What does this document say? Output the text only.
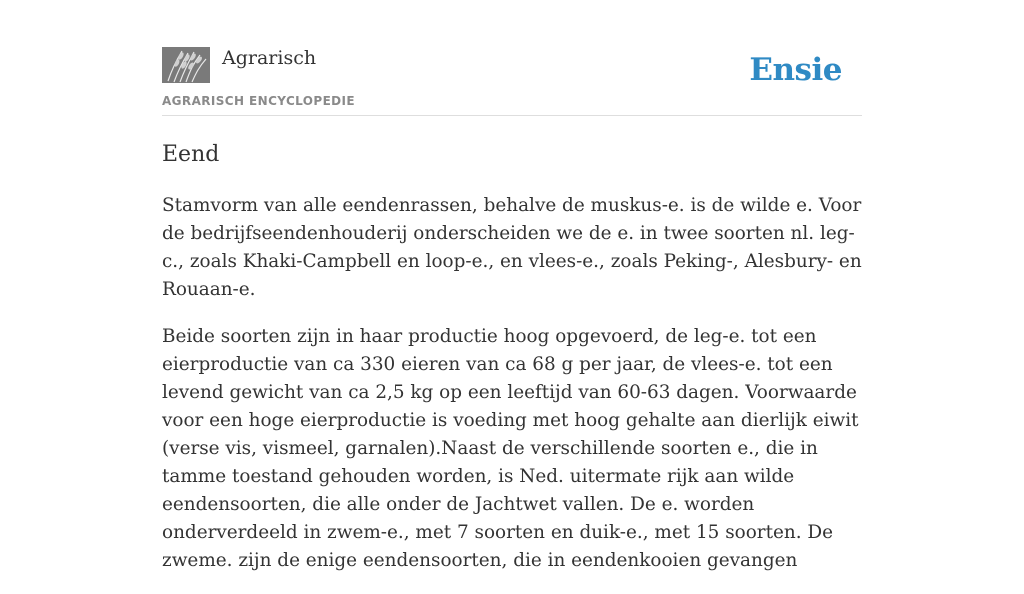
Agrarisch
AGRARISCH ENCYCLOPEDIE
Ensie
Eend

Stamvorm van alle eendenrassen, behalve de muskus-e. is de wilde e. Voor de bedrijfseendenhouderij onderscheiden we de e. in twee soorten nl. leg-c., zoals Khaki-Campbell en loop-e., en vlees-e., zoals Peking-, Alesbury- en Rouaan-e.

Beide soorten zijn in haar productie hoog opgevoerd, de leg-e. tot een eierproductie van ca 330 eieren van ca 68 g per jaar, de vlees-e. tot een levend gewicht van ca 2,5 kg op een leeftijd van 60-63 dagen. Voorwaarde voor een hoge eierproductie is voeding met hoog gehalte aan dierlijk eiwit (verse vis, vismeel, garnalen).Naast de verschillende soorten e., die in tamme toestand gehouden worden, is Ned. uitermate rijk aan wilde eendensoorten, die alle onder de Jachtwet vallen. De e. worden onderverdeeld in zwem-e., met 7 soorten en duik-e., met 15 soorten. De zweme. zijn de enige eendensoorten, die in eendenkooien gevangen
